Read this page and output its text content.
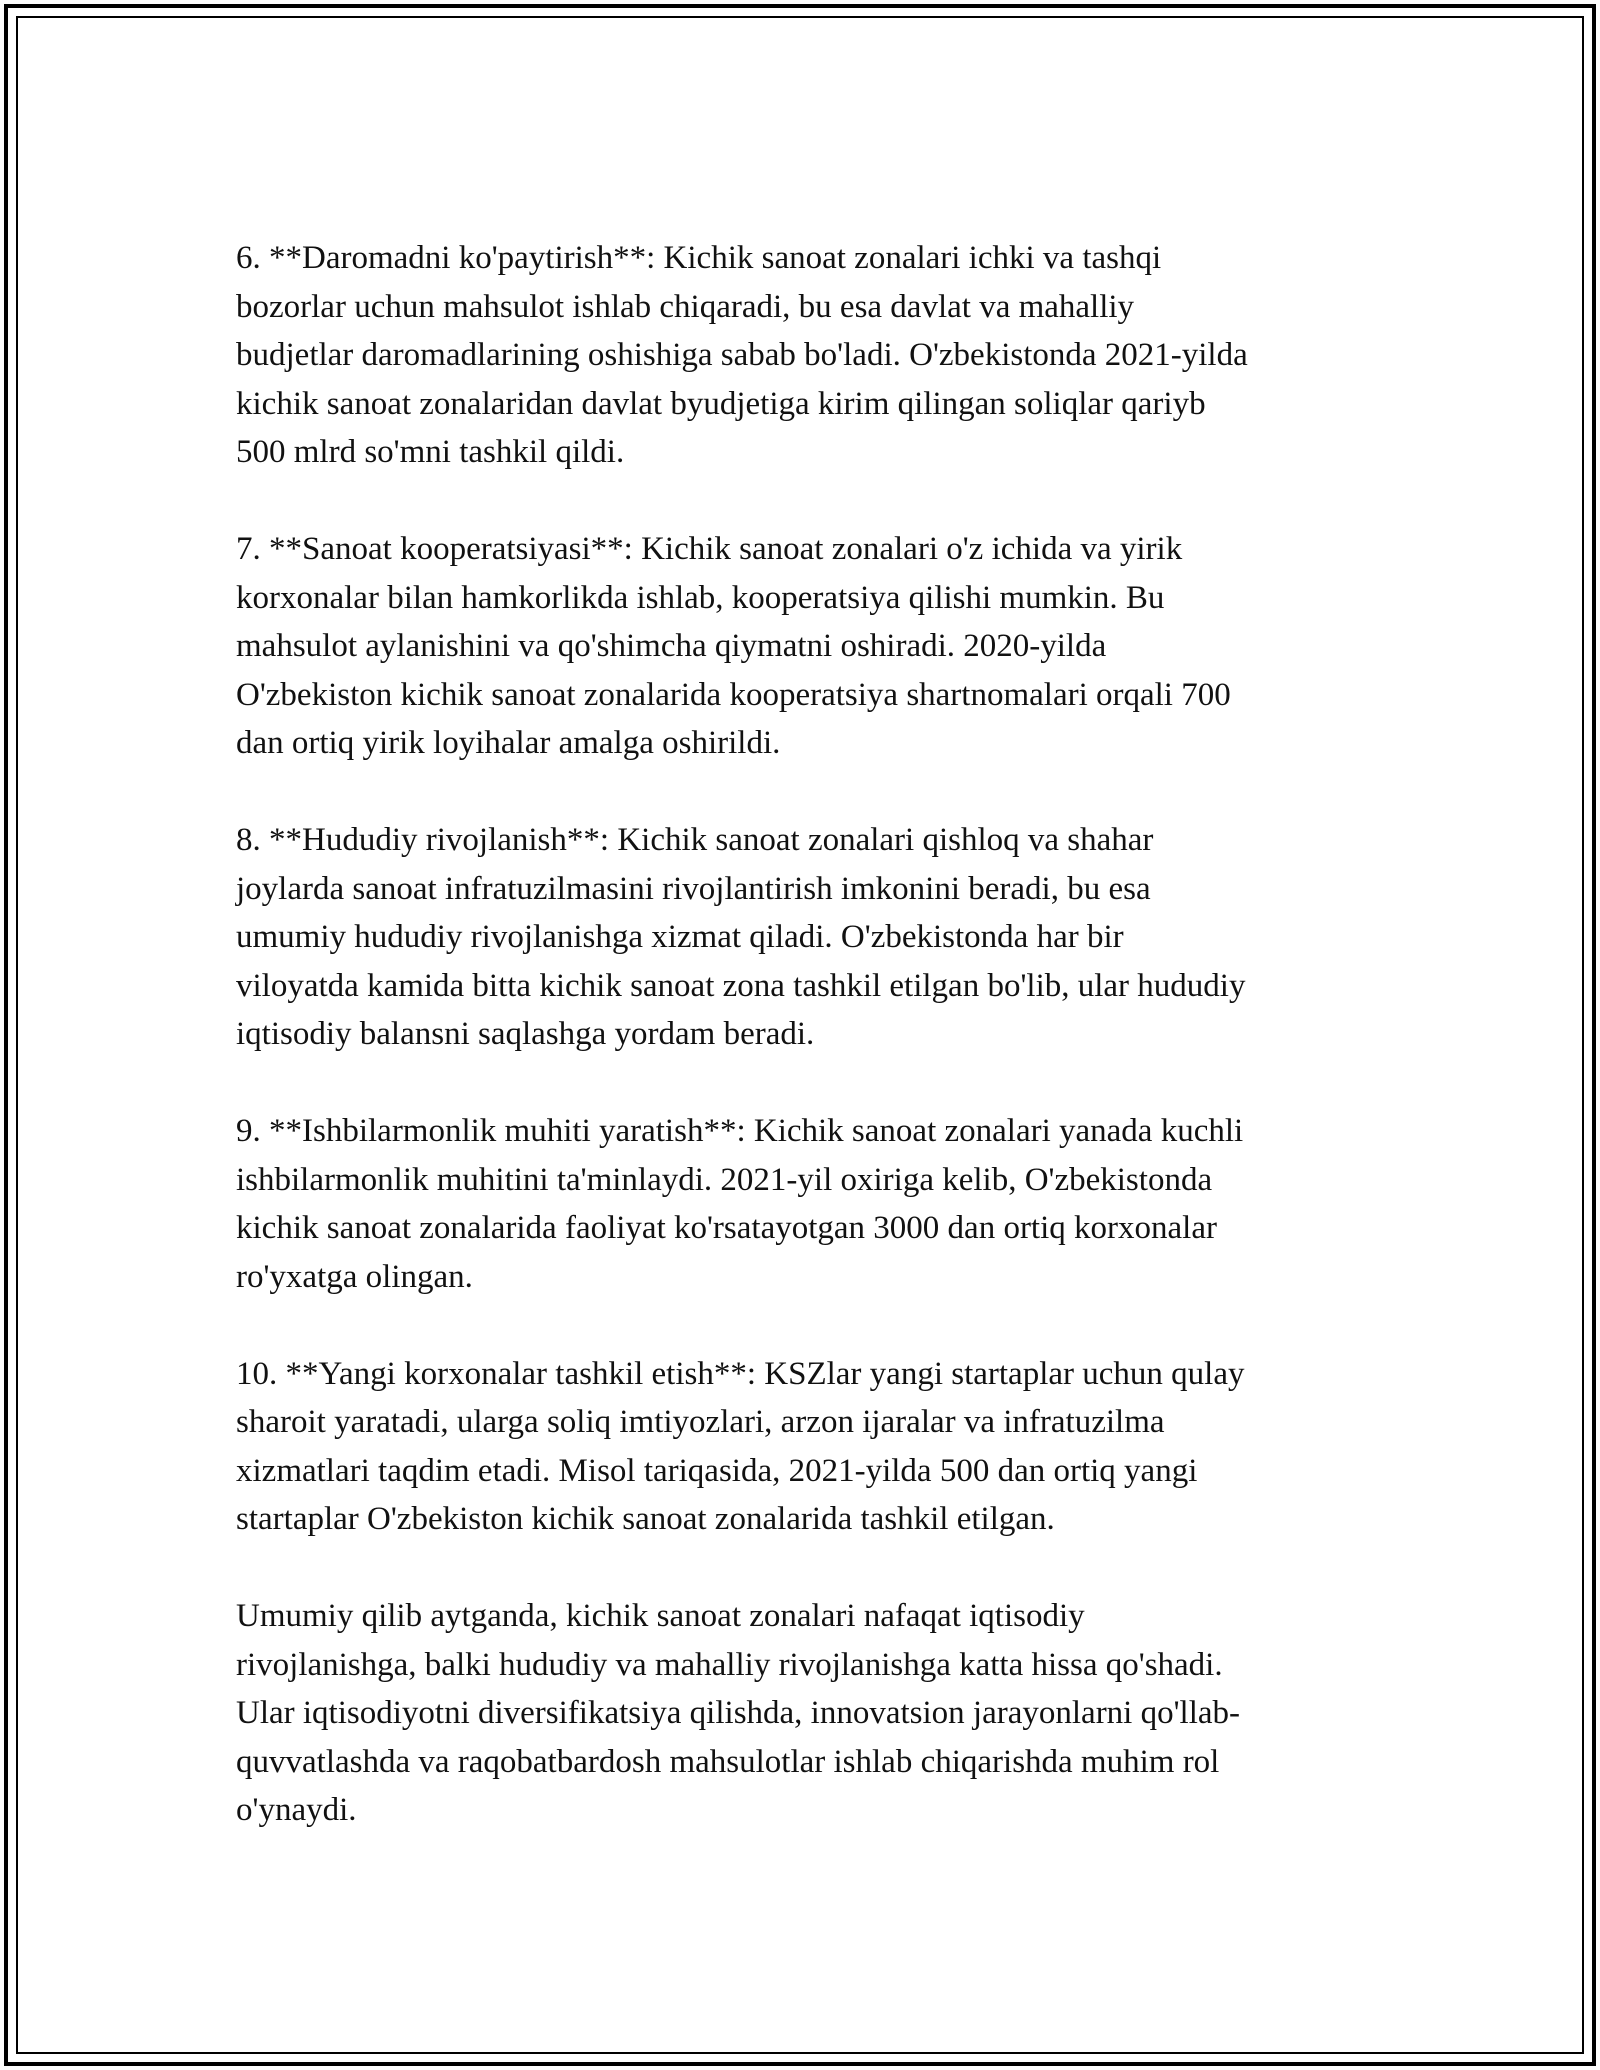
6. **Daromadni ko'paytirish**: Kichik sanoat zonalari ichki va tashqi
bozorlar uchun mahsulot ishlab chiqaradi, bu esa davlat va mahalliy
budjetlar daromadlarining oshishiga sabab bo'ladi. O'zbekistonda 2021-yilda
kichik sanoat zonalaridan davlat byudjetiga kirim qilingan soliqlar qariyb
500 mlrd so'mni tashkil qildi.

7. **Sanoat kooperatsiyasi**: Kichik sanoat zonalari o'z ichida va yirik
korxonalar bilan hamkorlikda ishlab, kooperatsiya qilishi mumkin. Bu
mahsulot aylanishini va qo'shimcha qiymatni oshiradi. 2020-yilda
O'zbekiston kichik sanoat zonalarida kooperatsiya shartnomalari orqali 700
dan ortiq yirik loyihalar amalga oshirildi.

8. **Hududiy rivojlanish**: Kichik sanoat zonalari qishloq va shahar
joylarda sanoat infratuzilmasini rivojlantirish imkonini beradi, bu esa
umumiy hududiy rivojlanishga xizmat qiladi. O'zbekistonda har bir
viloyatda kamida bitta kichik sanoat zona tashkil etilgan bo'lib, ular hududiy
iqtisodiy balansni saqlashga yordam beradi.

9. **Ishbilarmonlik muhiti yaratish**: Kichik sanoat zonalari yanada kuchli
ishbilarmonlik muhitini ta'minlaydi. 2021-yil oxiriga kelib, O'zbekistonda
kichik sanoat zonalarida faoliyat ko'rsatayotgan 3000 dan ortiq korxonalar
ro'yxatga olingan.

10. **Yangi korxonalar tashkil etish**: KSZlar yangi startaplar uchun qulay
sharoit yaratadi, ularga soliq imtiyozlari, arzon ijaralar va infratuzilma
xizmatlari taqdim etadi. Misol tariqasida, 2021-yilda 500 dan ortiq yangi
startaplar O'zbekiston kichik sanoat zonalarida tashkil etilgan.

Umumiy qilib aytganda, kichik sanoat zonalari nafaqat iqtisodiy
rivojlanishga, balki hududiy va mahalliy rivojlanishga katta hissa qo'shadi.
Ular iqtisodiyotni diversifikatsiya qilishda, innovatsion jarayonlarni qo'llab-
quvvatlashda va raqobatbardosh mahsulotlar ishlab chiqarishda muhim rol
o'ynaydi.
